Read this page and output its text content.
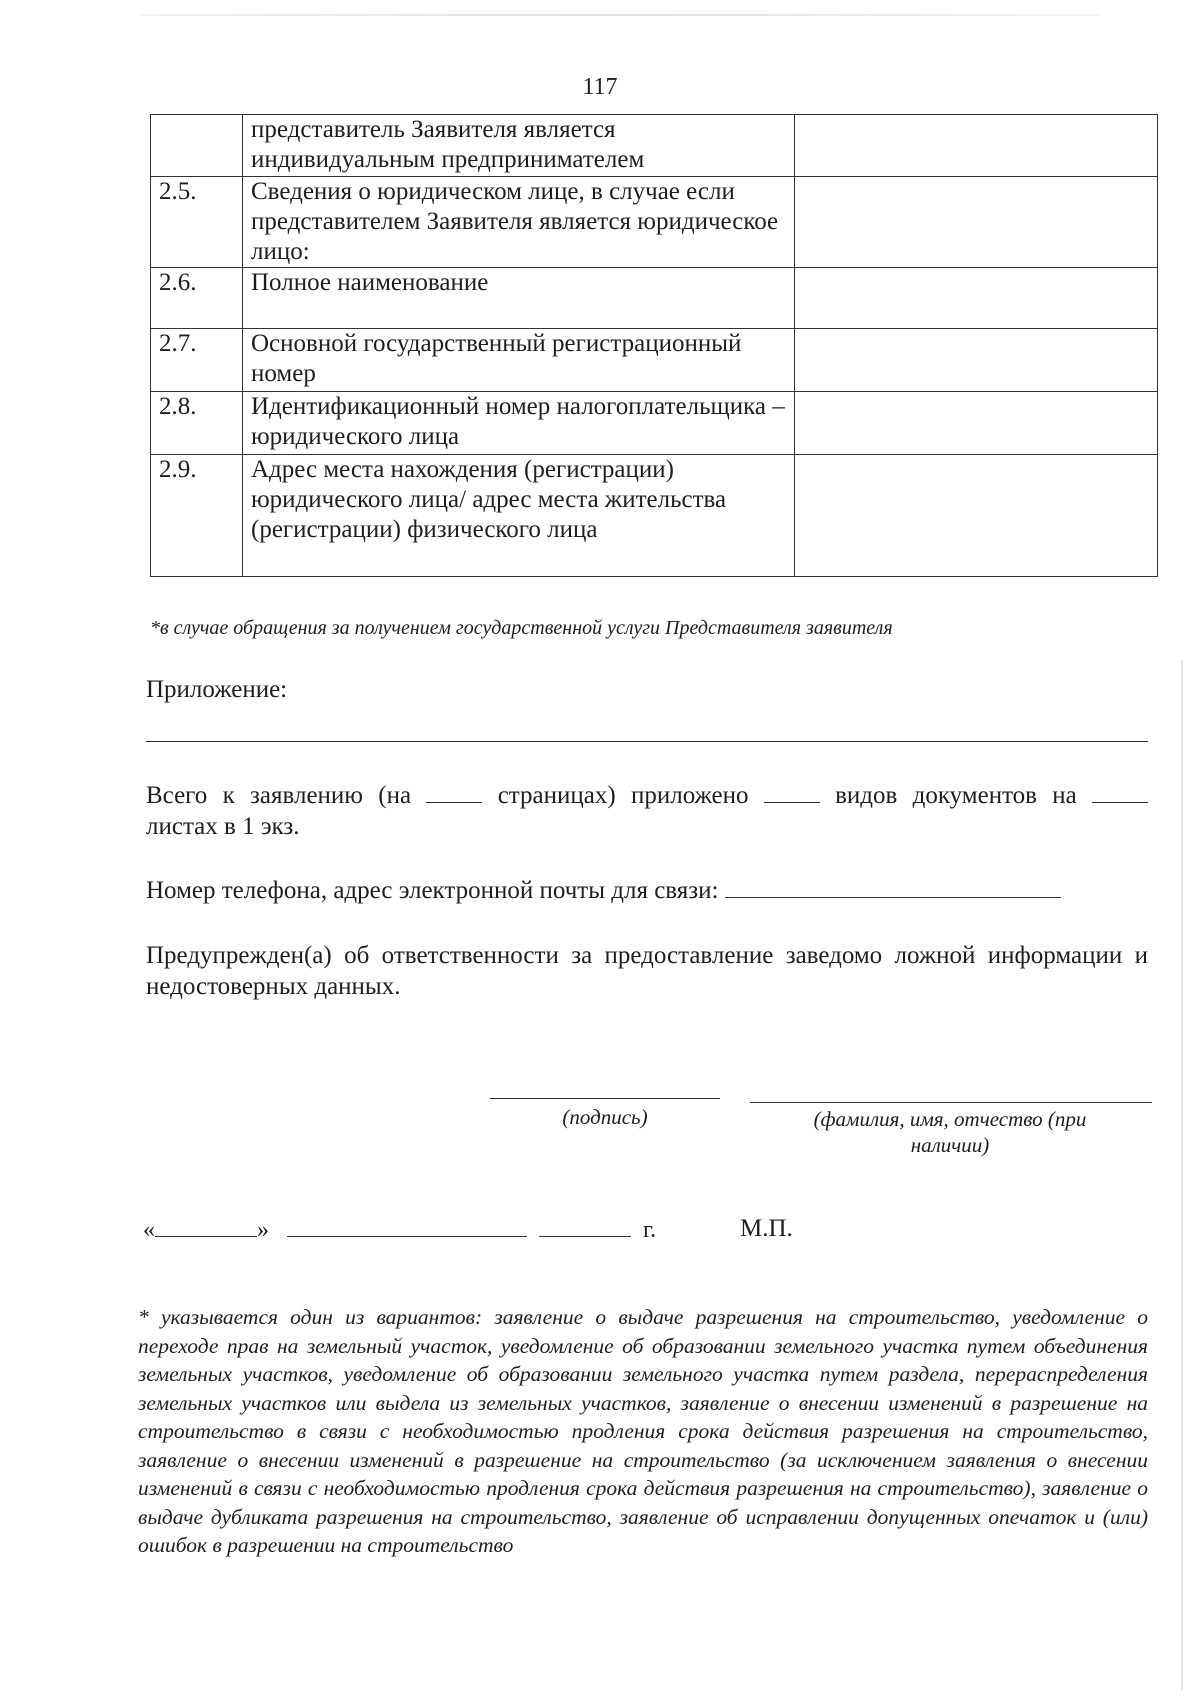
117
	представитель Заявителя является индивидуальным предпринимателем	
2.5.	Сведения о юридическом лице, в случае если представителем Заявителя является юридическое лицо:	
2.6.	Полное наименование	
2.7.	Основной государственный регистрационный номер	
2.8.	Идентификационный номер налогоплательщика – юридического лица	
2.9.	Адрес места нахождения (регистрации) юридического лица/ адрес места жительства (регистрации) физического лица	
*в случае обращения за получением государственной услуги Представителя заявителя
Приложение:
Всего к заявлению (на	страницах) приложено	видов документов на
листах в 1 экз.
Номер телефона, адрес электронной почты для связи:
Предупрежден(а) об ответственности за предоставление заведомо ложной информации и недостоверных данных.
(подпись)	(фамилия, имя, отчество (при наличии)
«	»	г.	М.П.
* указывается один из вариантов: заявление о выдаче разрешения на строительство, уведомление о переходе прав на земельный участок, уведомление об образовании земельного участка путем объединения земельных участков, уведомление об образовании земельного участка путем раздела, перераспределения земельных участков или выдела из земельных участков, заявление о внесении изменений в разрешение на строительство в связи с необходимостью продления срока действия разрешения на строительство, заявление о внесении изменений в разрешение на строительство (за исключением заявления о внесении изменений в связи с необходимостью продления срока действия разрешения на строительство), заявление о выдаче дубликата разрешения на строительство, заявление об исправлении допущенных опечаток и (или) ошибок в разрешении на строительство
